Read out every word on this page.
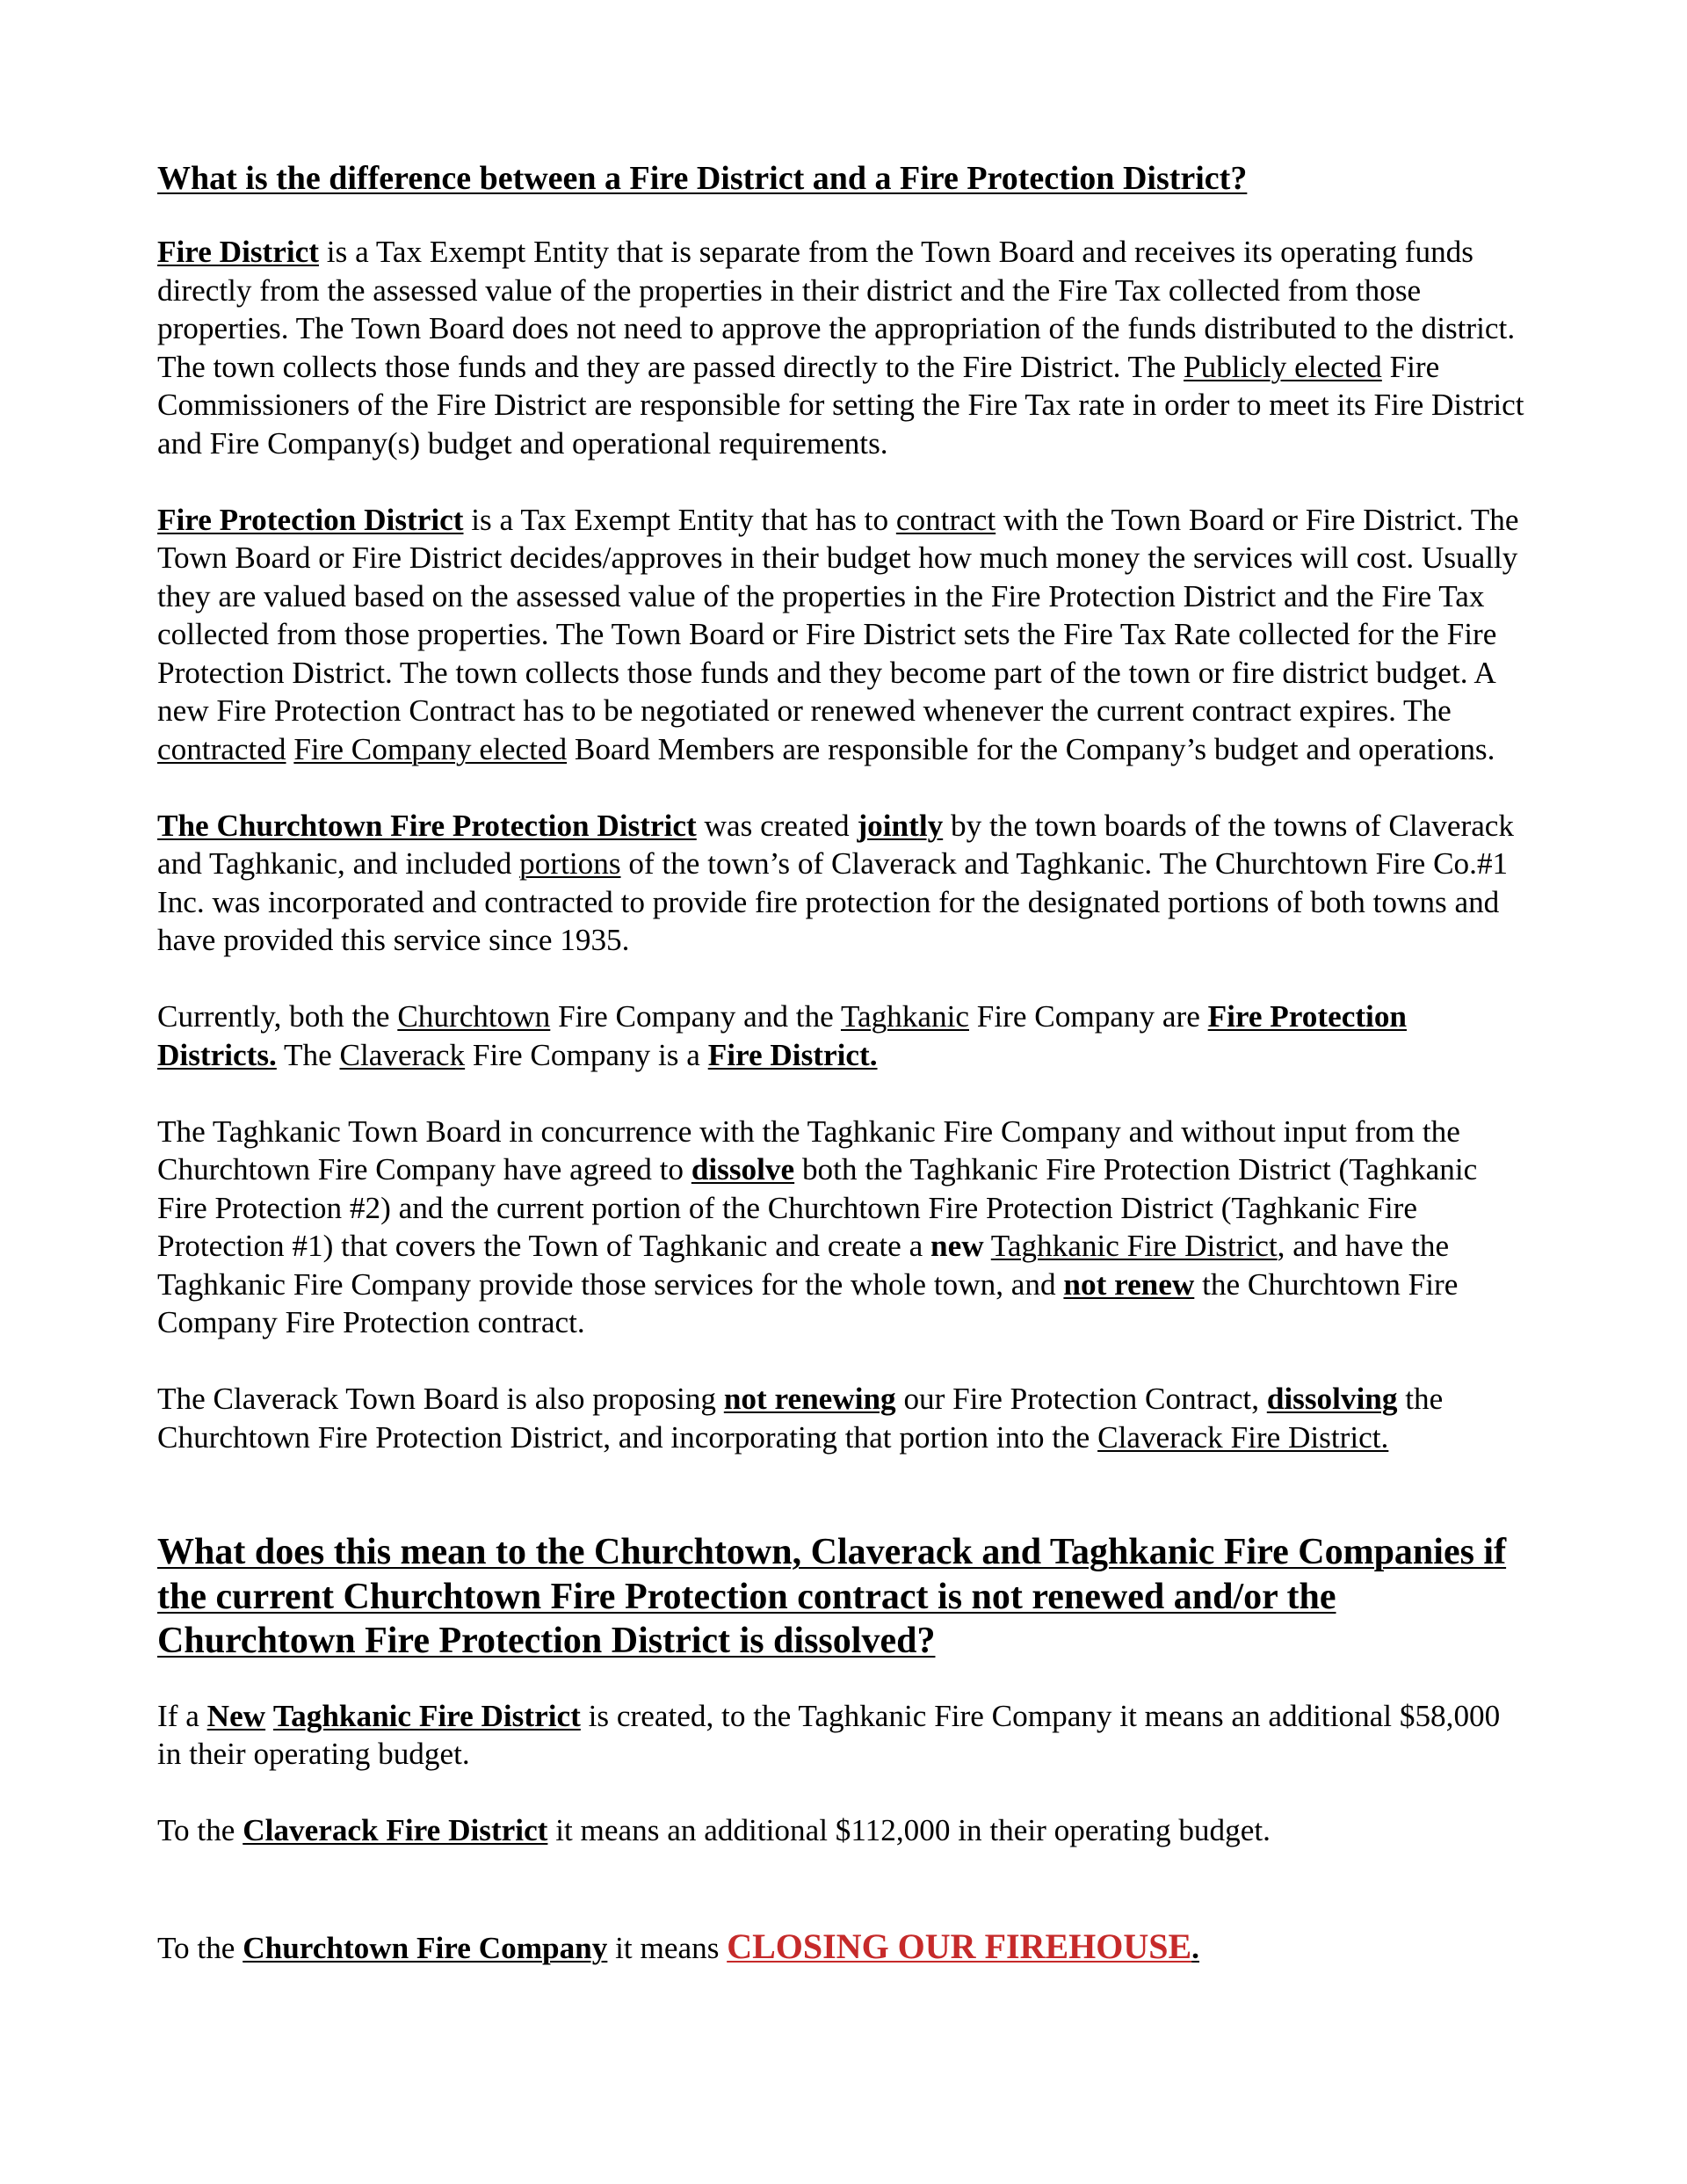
What is the difference between a Fire District and a Fire Protection District?

Fire District is a Tax Exempt Entity that is separate from the Town Board and receives its operating funds directly from the assessed value of the properties in their district and the Fire Tax collected from those properties. The Town Board does not need to approve the appropriation of the funds distributed to the district. The town collects those funds and they are passed directly to the Fire District. The Publicly elected Fire Commissioners of the Fire District are responsible for setting the Fire Tax rate in order to meet its Fire District and Fire Company(s) budget and operational requirements.

Fire Protection District is a Tax Exempt Entity that has to contract with the Town Board or Fire District. The Town Board or Fire District decides/approves in their budget how much money the services will cost. Usually they are valued based on the assessed value of the properties in the Fire Protection District and the Fire Tax collected from those properties. The Town Board or Fire District sets the Fire Tax Rate collected for the Fire Protection District. The town collects those funds and they become part of the town or fire district budget. A new Fire Protection Contract has to be negotiated or renewed whenever the current contract expires. The contracted Fire Company elected Board Members are responsible for the Company’s budget and operations.

The Churchtown Fire Protection District was created jointly by the town boards of the towns of Claverack and Taghkanic, and included portions of the town’s of Claverack and Taghkanic. The Churchtown Fire Co.#1 Inc. was incorporated and contracted to provide fire protection for the designated portions of both towns and have provided this service since 1935.

Currently, both the Churchtown Fire Company and the Taghkanic Fire Company are Fire Protection Districts. The Claverack Fire Company is a Fire District.

The Taghkanic Town Board in concurrence with the Taghkanic Fire Company and without input from the Churchtown Fire Company have agreed to dissolve both the Taghkanic Fire Protection District (Taghkanic Fire Protection #2) and the current portion of the Churchtown Fire Protection District (Taghkanic Fire Protection #1) that covers the Town of Taghkanic and create a new Taghkanic Fire District, and have the Taghkanic Fire Company provide those services for the whole town, and not renew the Churchtown Fire Company Fire Protection contract.

The Claverack Town Board is also proposing not renewing our Fire Protection Contract, dissolving the Churchtown Fire Protection District, and incorporating that portion into the Claverack Fire District.

What does this mean to the Churchtown, Claverack and Taghkanic Fire Companies if the current Churchtown Fire Protection contract is not renewed and/or the Churchtown Fire Protection District is dissolved?

If a New Taghkanic Fire District is created, to the Taghkanic Fire Company it means an additional $58,000 in their operating budget.

To the Claverack Fire District it means an additional $112,000 in their operating budget.

To the Churchtown Fire Company it means CLOSING OUR FIREHOUSE.
